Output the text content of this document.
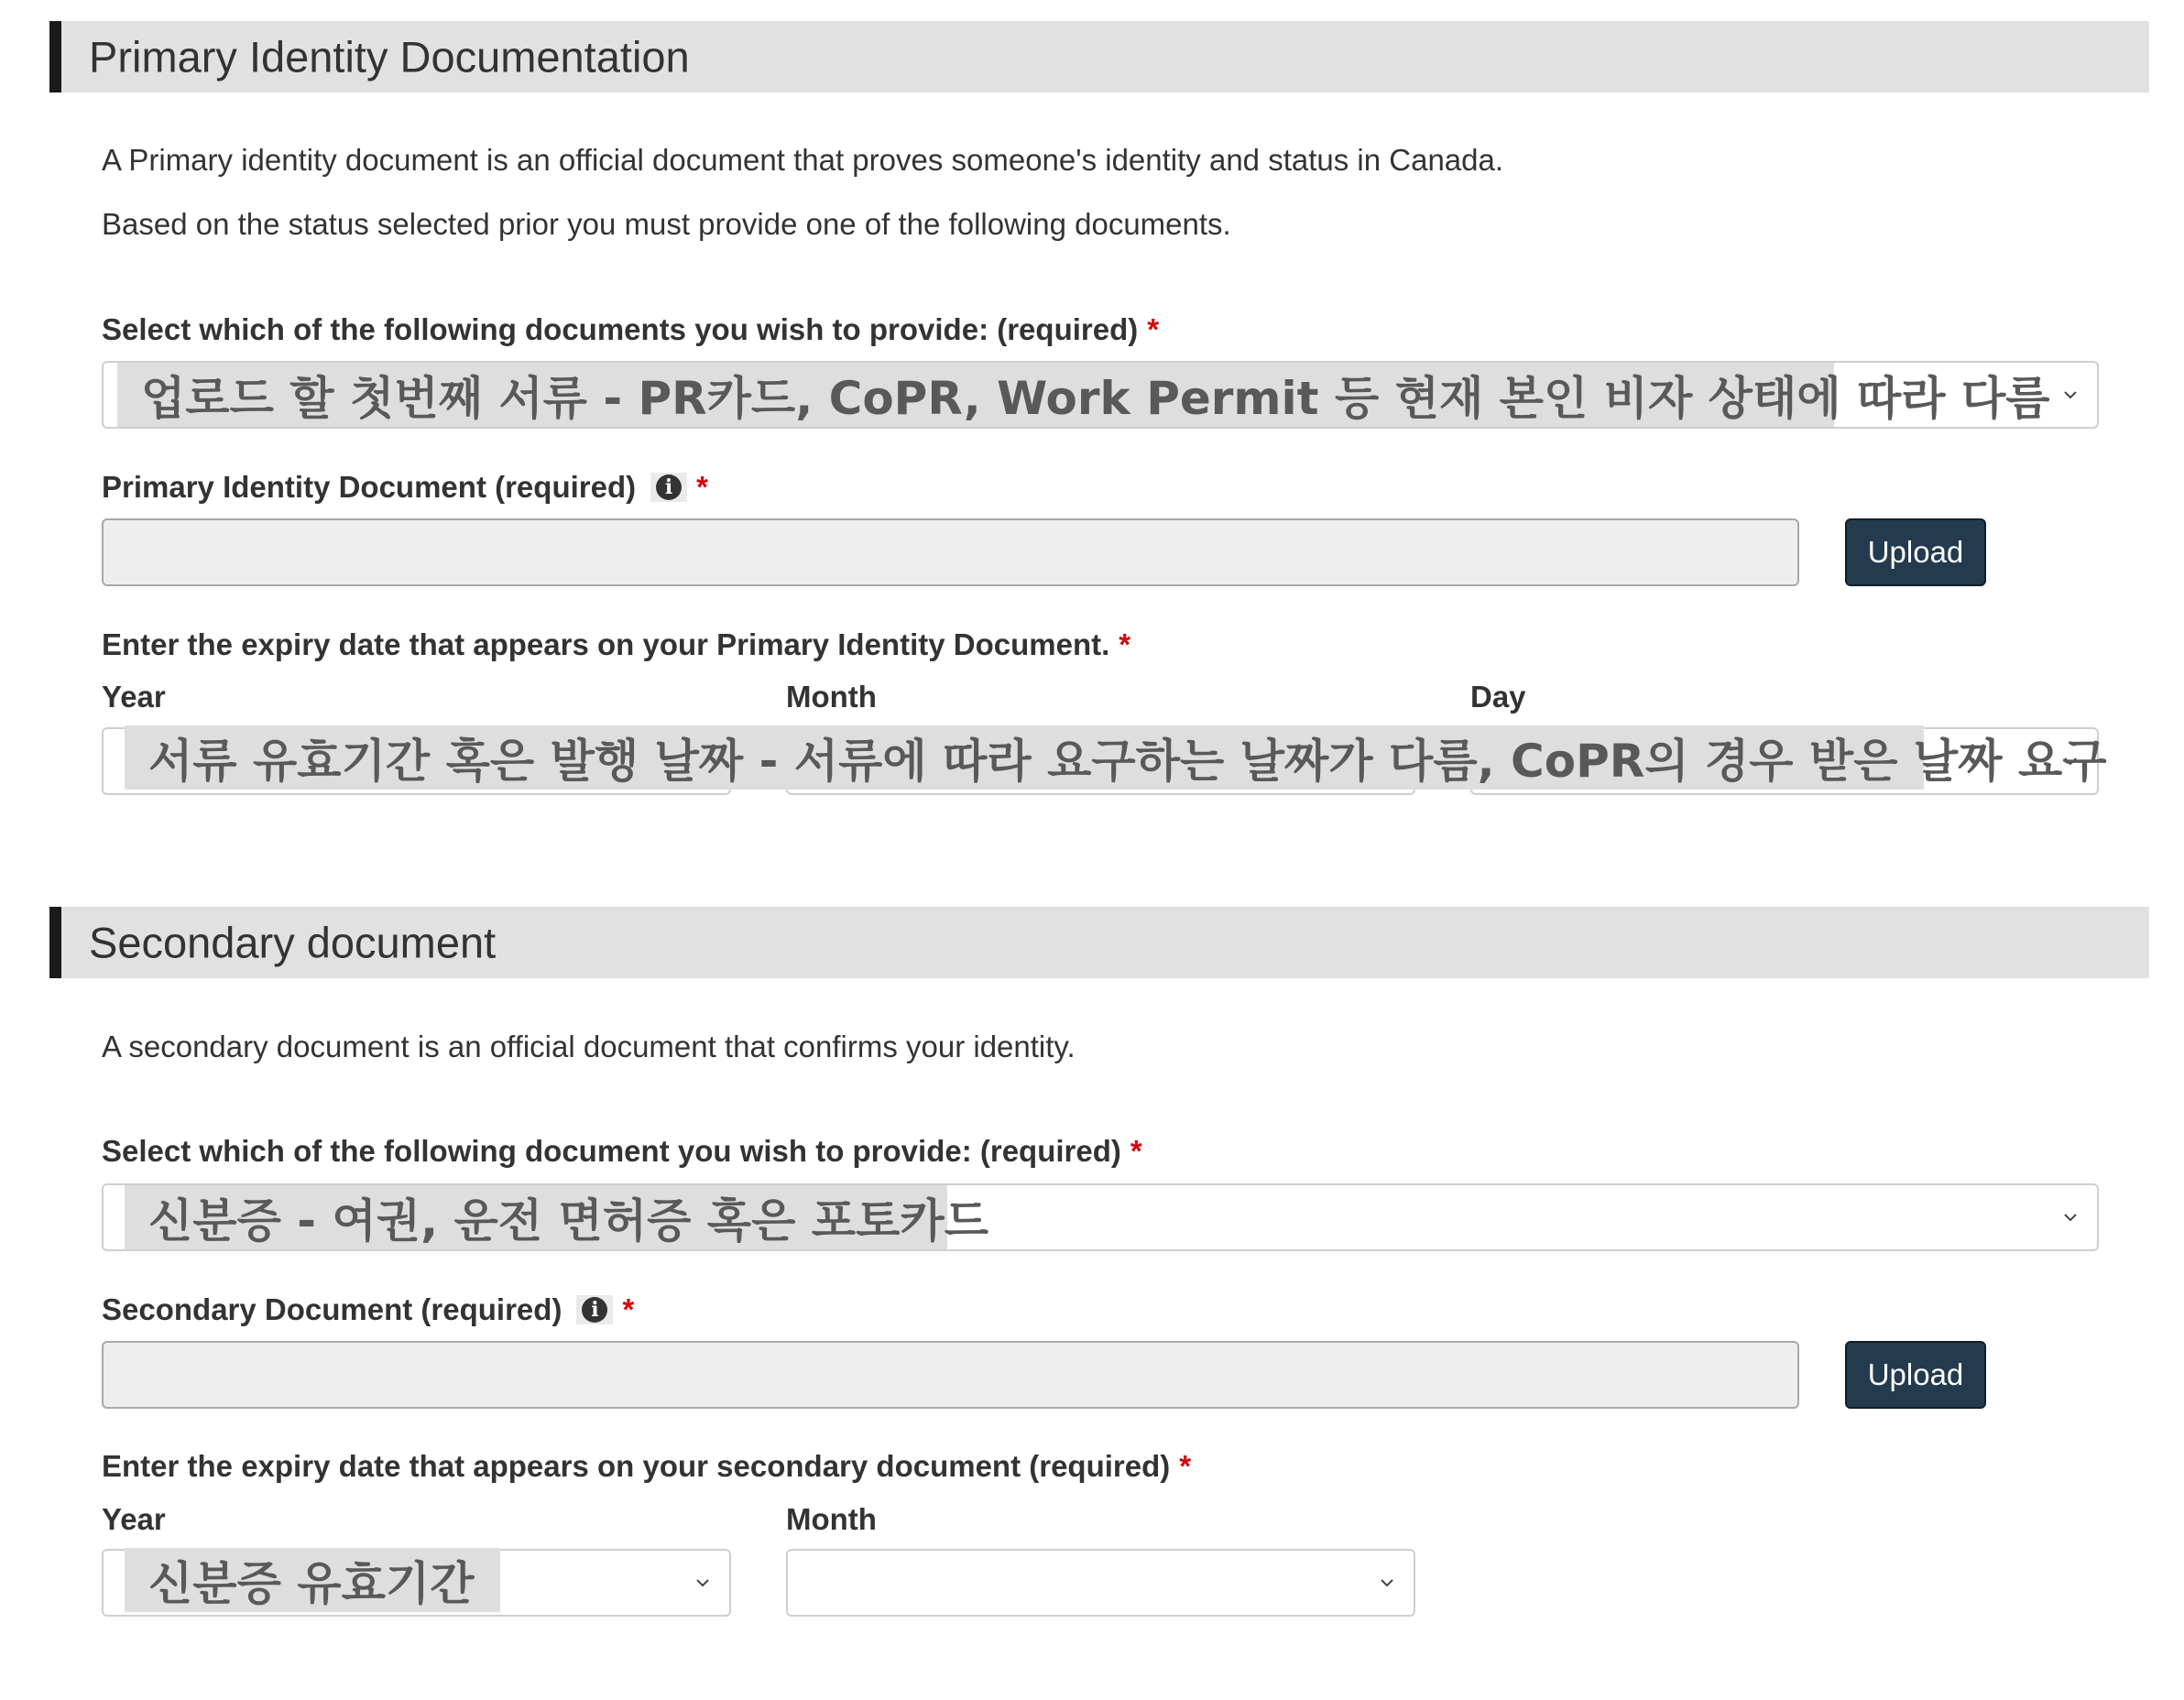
Primary Identity Documentation
A Primary identity document is an official document that proves someone's identity and status in Canada.
Based on the status selected prior you must provide one of the following documents.
Select which of the following documents you wish to provide: (required) *
업로드 할 첫번째 서류 - PR카드, CoPR, Work Permit 등 현재 본인 비자 상태에 따라 다름
Primary Identity Document (required)	i *
Upload
Enter the expiry date that appears on your Primary Identity Document. *
Year	Month	Day
서류 유효기간 혹은 발행 날짜 - 서류에 따라 요구하는 날짜가 다름, CoPR의 경우 받은 날짜 요구
Secondary document
A secondary document is an official document that confirms your identity.
Select which of the following document you wish to provide: (required) *
신분증 - 여권, 운전 면허증 혹은 포토카드
Secondary Document (required)	i *
Upload
Enter the expiry date that appears on your secondary document (required) *
Year	Month
신분증 유효기간
